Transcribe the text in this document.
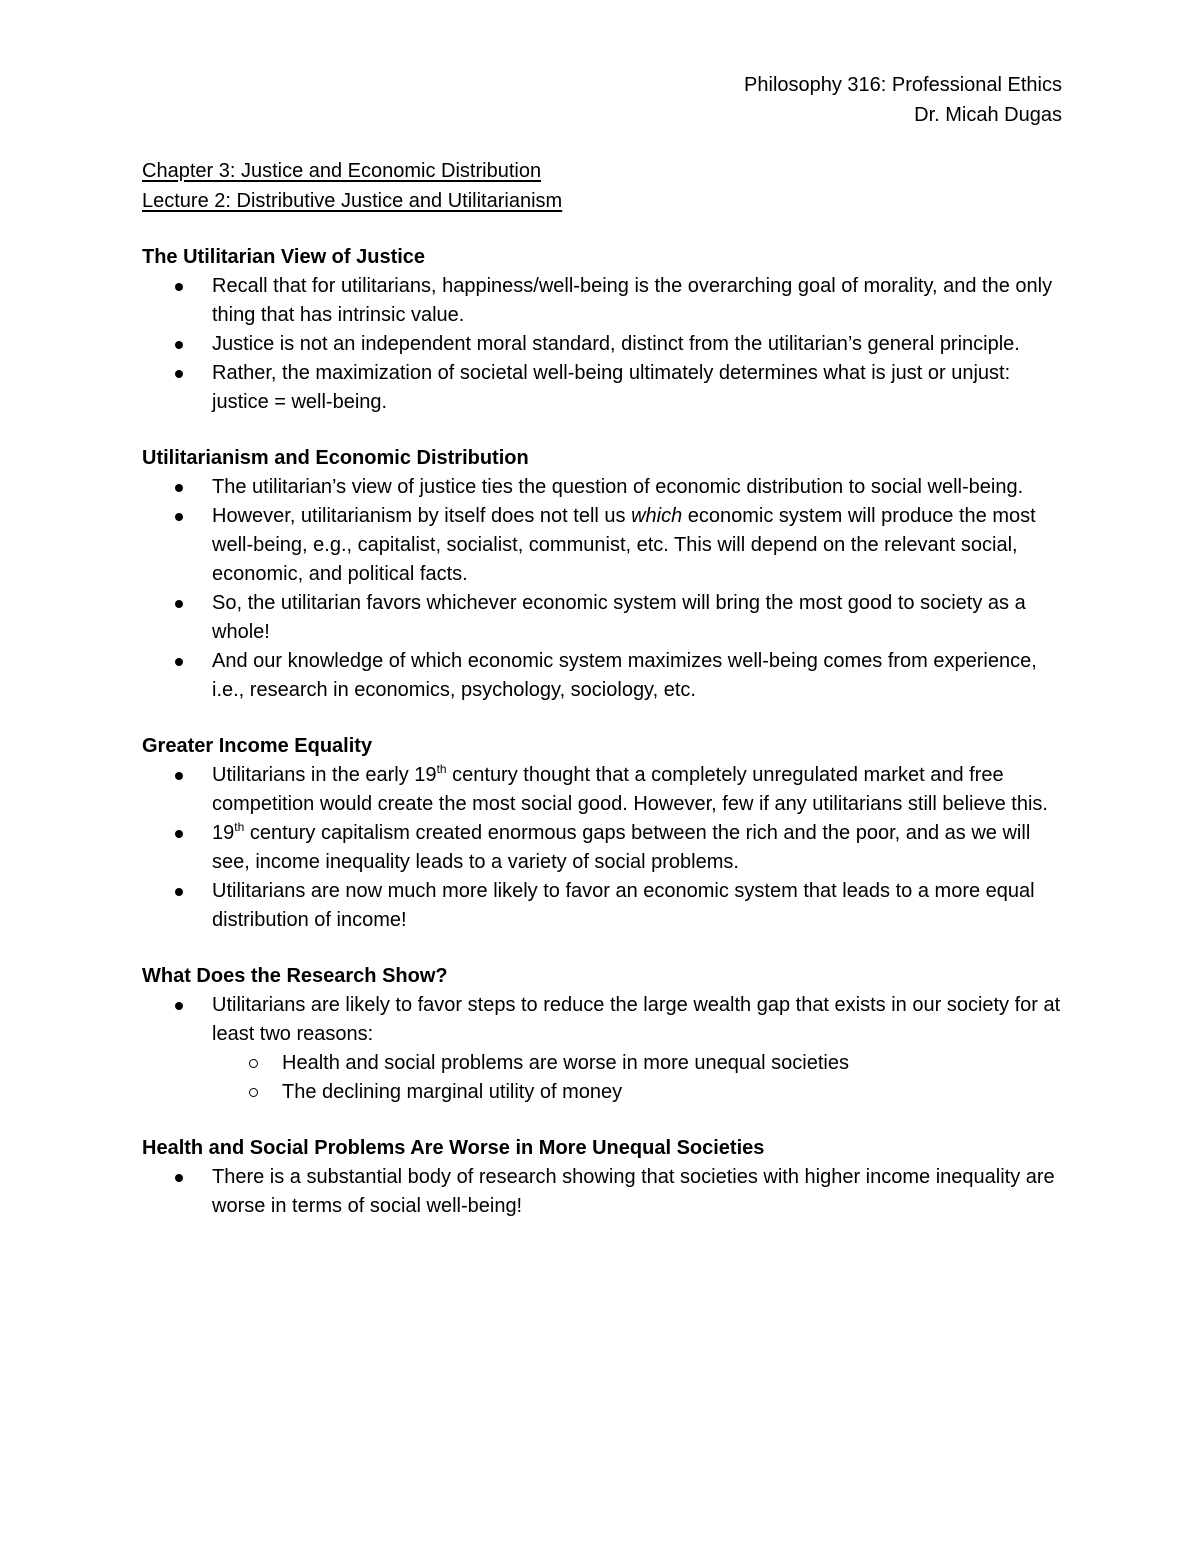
Philosophy 316: Professional Ethics
Dr. Micah Dugas
Chapter 3: Justice and Economic Distribution
Lecture 2: Distributive Justice and Utilitarianism
The Utilitarian View of Justice
Recall that for utilitarians, happiness/well-being is the overarching goal of morality, and the only thing that has intrinsic value.
Justice is not an independent moral standard, distinct from the utilitarian’s general principle.
Rather, the maximization of societal well-being ultimately determines what is just or unjust: justice = well-being.
Utilitarianism and Economic Distribution
The utilitarian’s view of justice ties the question of economic distribution to social well-being.
However, utilitarianism by itself does not tell us which economic system will produce the most well-being, e.g., capitalist, socialist, communist, etc. This will depend on the relevant social, economic, and political facts.
So, the utilitarian favors whichever economic system will bring the most good to society as a whole!
And our knowledge of which economic system maximizes well-being comes from experience, i.e., research in economics, psychology, sociology, etc.
Greater Income Equality
Utilitarians in the early 19th century thought that a completely unregulated market and free competition would create the most social good. However, few if any utilitarians still believe this.
19th century capitalism created enormous gaps between the rich and the poor, and as we will see, income inequality leads to a variety of social problems.
Utilitarians are now much more likely to favor an economic system that leads to a more equal distribution of income!
What Does the Research Show?
Utilitarians are likely to favor steps to reduce the large wealth gap that exists in our society for at least two reasons:
Health and social problems are worse in more unequal societies
The declining marginal utility of money
Health and Social Problems Are Worse in More Unequal Societies
There is a substantial body of research showing that societies with higher income inequality are worse in terms of social well-being!
